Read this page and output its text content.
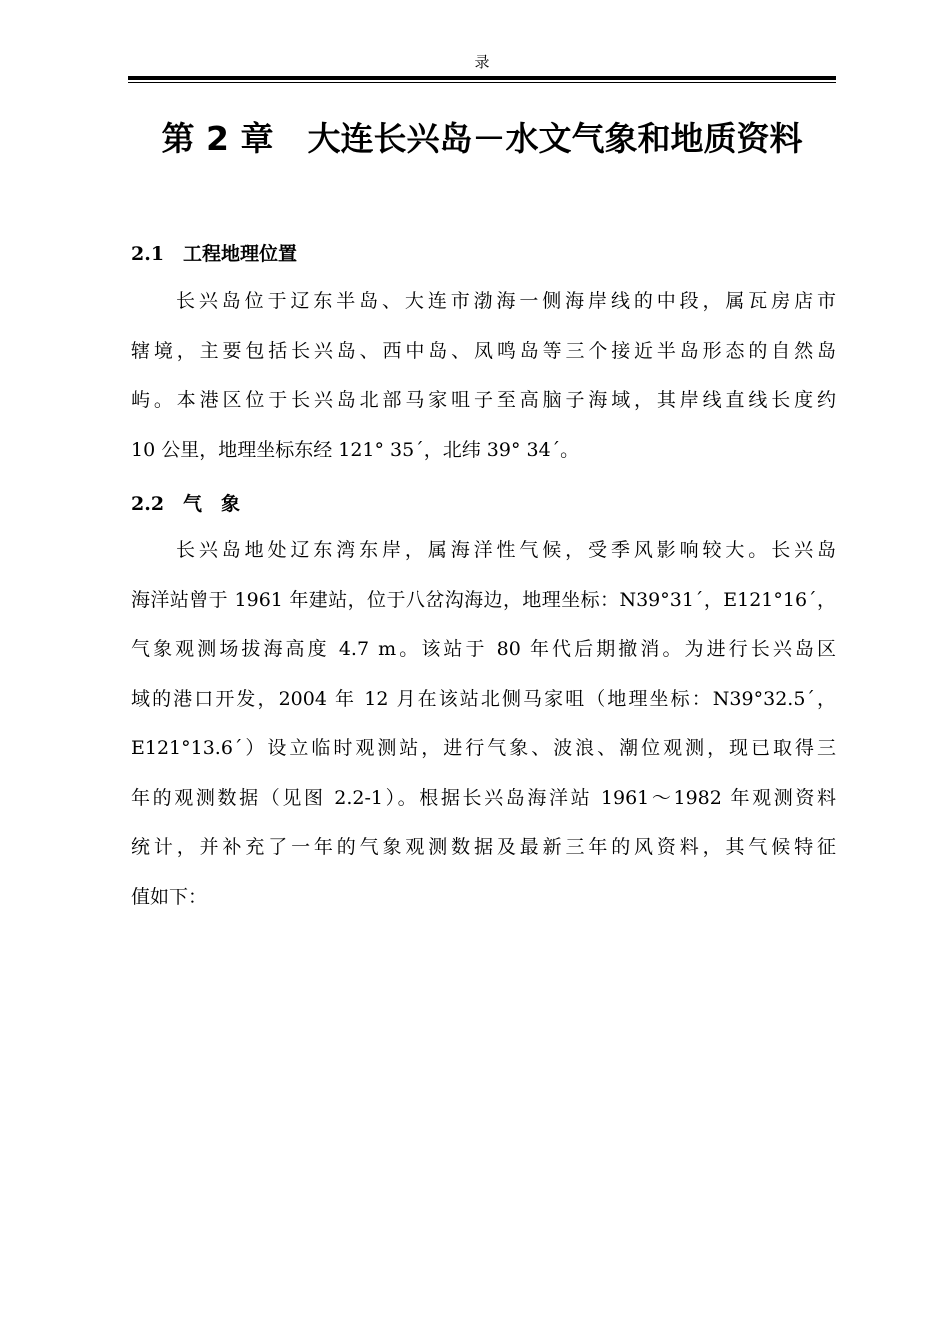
录
第 2 章 大连长兴岛－水文气象和地质资料
2.1 工程地理位置
长兴岛位于辽东半岛、大连市渤海一侧海岸线的中段，属瓦房店市
辖境，主要包括长兴岛、西中岛、凤鸣岛等三个接近半岛形态的自然岛
屿。本港区位于长兴岛北部马家咀子至高脑子海域，其岸线直线长度约
10 公里，地理坐标东经 121° 35´，北纬 39° 34´。
2.2 气　象
长兴岛地处辽东湾东岸，属海洋性气候，受季风影响较大。长兴岛
海洋站曾于 1961 年建站，位于八岔沟海边，地理坐标：N39°31´，E121°16´，
气象观测场拔海高度 4.7 m。该站于 80 年代后期撤消。为进行长兴岛区
域的港口开发，2004 年 12 月在该站北侧马家咀（地理坐标：N39°32.5´，
E121°13.6´）设立临时观测站，进行气象、波浪、潮位观测，现已取得三
年的观测数据（见图 2.2-1）。根据长兴岛海洋站 1961～1982 年观测资料
统计，并补充了一年的气象观测数据及最新三年的风资料，其气候特征
值如下：
